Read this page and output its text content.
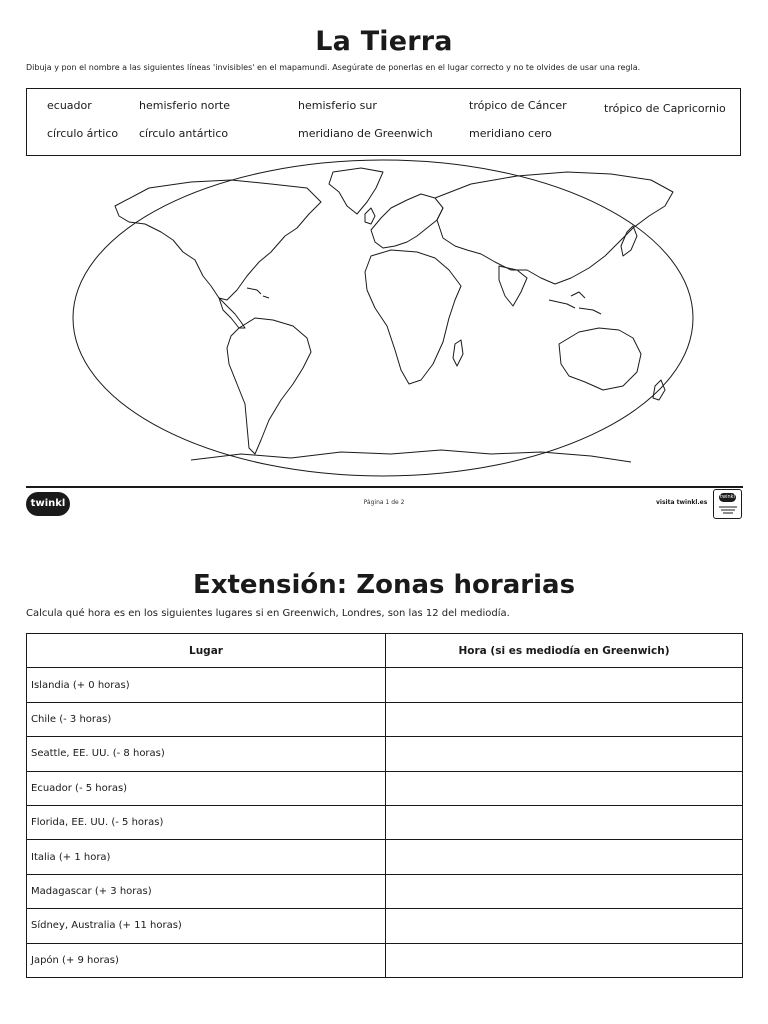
La Tierra
Dibuja y pon el nombre a las siguientes líneas 'invisibles' en el mapamundi. Asegúrate de ponerlas en el lugar correcto y no te olvides de usar una regla.
ecuador	hemisferio norte	hemisferio sur	trópico de Cáncer	trópico de Capricornio
círculo ártico círculo antártico	meridiano de Greenwich	meridiano cero
twinkl	Página 1 de 2	visita twinkl.es
twinkl
Extensión: Zonas horarias
Calcula qué hora es en los siguientes lugares si en Greenwich, Londres, son las 12 del mediodía.
Lugar	Hora (si es mediodía en Greenwich)
Islandia (+ 0 horas)	
Chile (- 3 horas)	
Seattle, EE. UU. (- 8 horas)	
Ecuador (- 5 horas)	
Florida, EE. UU. (- 5 horas)	
Italia (+ 1 hora)	
Madagascar (+ 3 horas)	
Sídney, Australia (+ 11 horas)	
Japón (+ 9 horas)	
